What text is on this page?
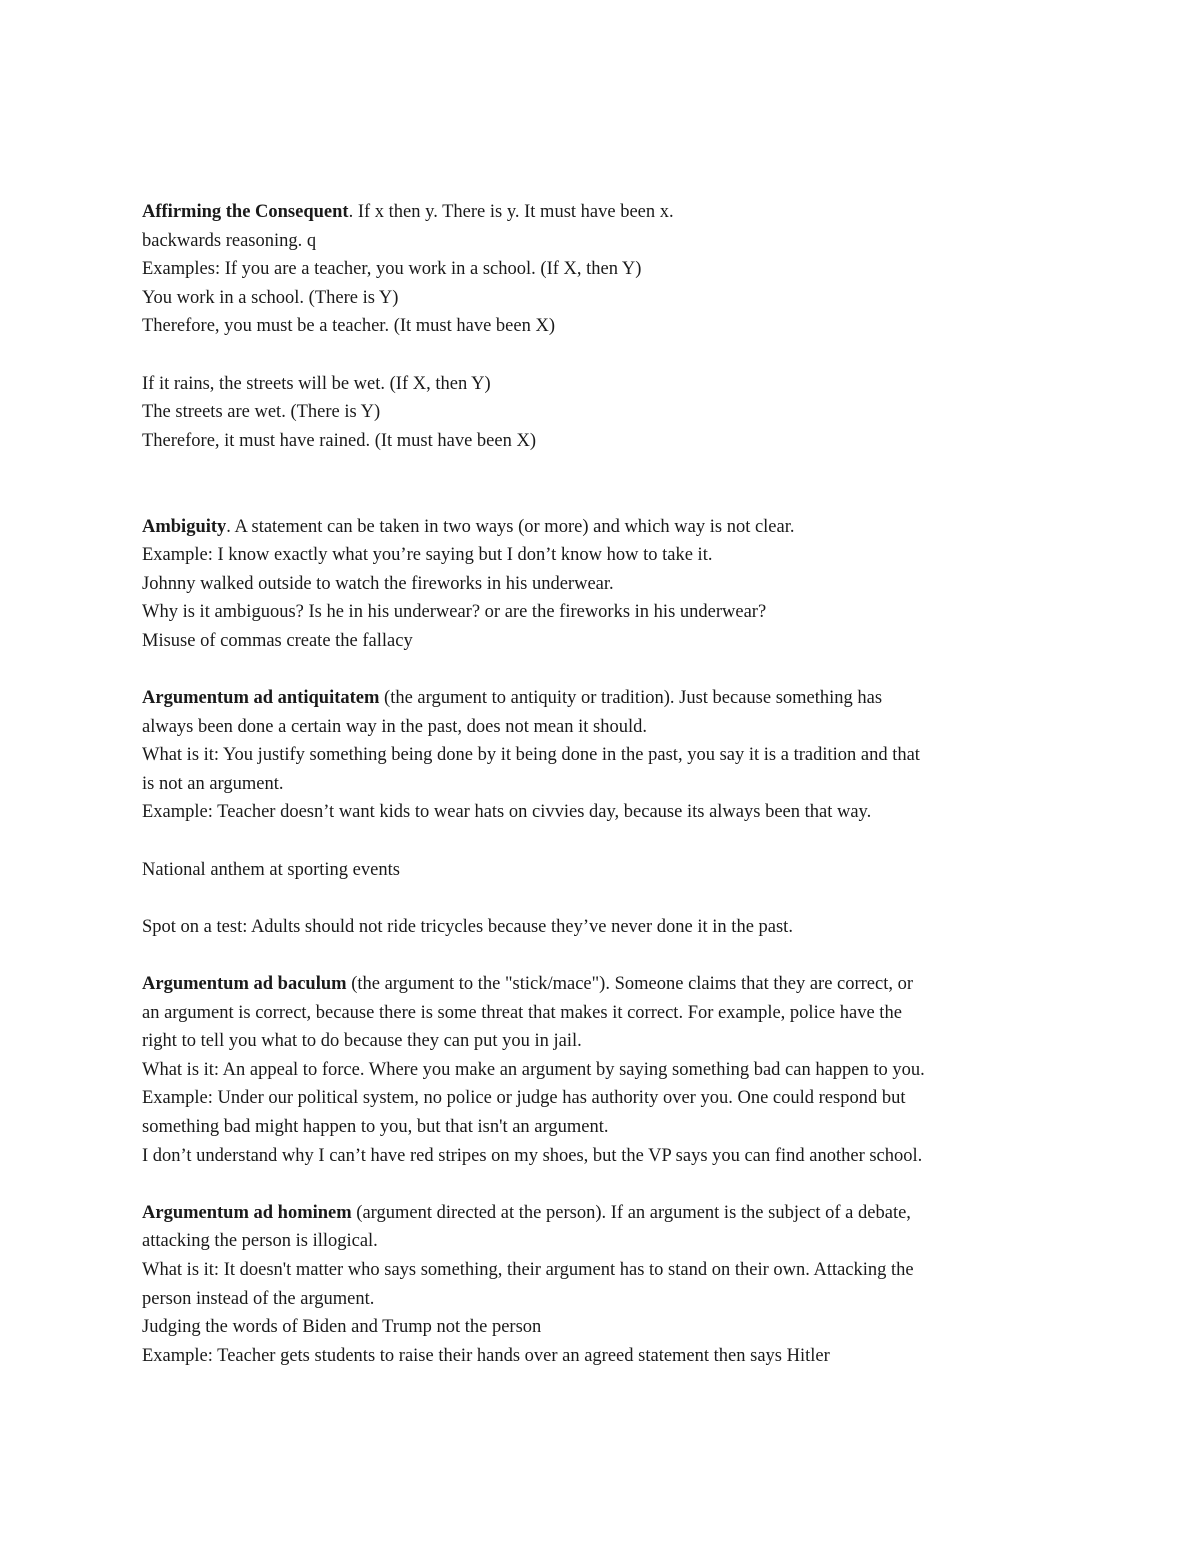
Affirming the Consequent. If x then y. There is y. It must have been x.
backwards reasoning. q
Examples: If you are a teacher, you work in a school. (If X, then Y)
You work in a school. (There is Y)
Therefore, you must be a teacher. (It must have been X)
If it rains, the streets will be wet. (If X, then Y)
The streets are wet. (There is Y)
Therefore, it must have rained. (It must have been X)
Ambiguity. A statement can be taken in two ways (or more) and which way is not clear.
Example: I know exactly what you’re saying but I don’t know how to take it.
Johnny walked outside to watch the fireworks in his underwear.
Why is it ambiguous? Is he in his underwear? or are the fireworks in his underwear?
Misuse of commas create the fallacy
Argumentum ad antiquitatem (the argument to antiquity or tradition). Just because something has
always been done a certain way in the past, does not mean it should.
What is it: You justify something being done by it being done in the past, you say it is a tradition and that
is not an argument.
Example: Teacher doesn’t want kids to wear hats on civvies day, because its always been that way.
National anthem at sporting events
Spot on a test: Adults should not ride tricycles because they’ve never done it in the past.
Argumentum ad baculum (the argument to the "stick/mace"). Someone claims that they are correct, or
an argument is correct, because there is some threat that makes it correct. For example, police have the
right to tell you what to do because they can put you in jail.
What is it: An appeal to force. Where you make an argument by saying something bad can happen to you.
Example: Under our political system, no police or judge has authority over you. One could respond but
something bad might happen to you, but that isn't an argument.
I don’t understand why I can’t have red stripes on my shoes, but the VP says you can find another school.
Argumentum ad hominem (argument directed at the person). If an argument is the subject of a debate,
attacking the person is illogical.
What is it: It doesn't matter who says something, their argument has to stand on their own. Attacking the
person instead of the argument.
Judging the words of Biden and Trump not the person
Example: Teacher gets students to raise their hands over an agreed statement then says Hitler
